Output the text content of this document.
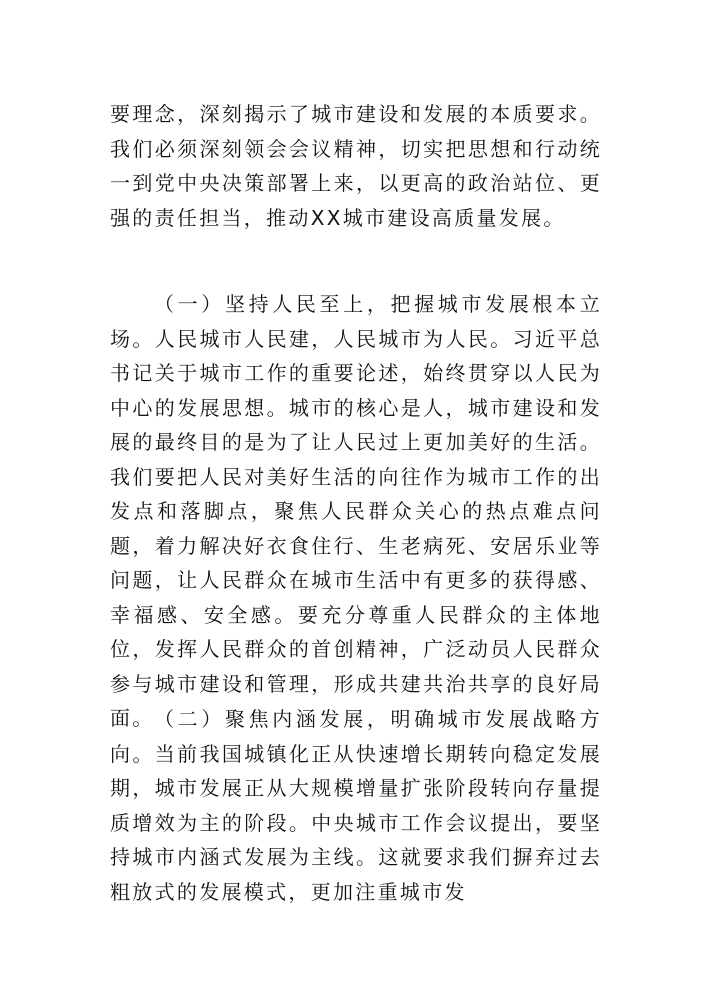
要理念，深刻揭示了城市建设和发展的本质要求。我们必须深刻领会会议精神，切实把思想和行动统一到党中央决策部署上来，以更高的政治站位、更强的责任担当，推动XX城市建设高质量发展。
（一）坚持人民至上，把握城市发展根本立场。人民城市人民建，人民城市为人民。习近平总书记关于城市工作的重要论述，始终贯穿以人民为中心的发展思想。城市的核心是人，城市建设和发展的最终目的是为了让人民过上更加美好的生活。我们要把人民对美好生活的向往作为城市工作的出发点和落脚点，聚焦人民群众关心的热点难点问题，着力解决好衣食住行、生老病死、安居乐业等问题，让人民群众在城市生活中有更多的获得感、幸福感、安全感。要充分尊重人民群众的主体地位，发挥人民群众的首创精神，广泛动员人民群众参与城市建设和管理，形成共建共治共享的良好局面。 （二）聚焦内涵发展，明确城市发展战略方向。当前我国城镇化正从快速增长期转向稳定发展期，城市发展正从大规模增量扩张阶段转向存量提质增效为主的阶段。中央城市工作会议提出，要坚持城市内涵式发展为主线。这就要求我们摒弃过去粗放式的发展模式，更加注重城市发
